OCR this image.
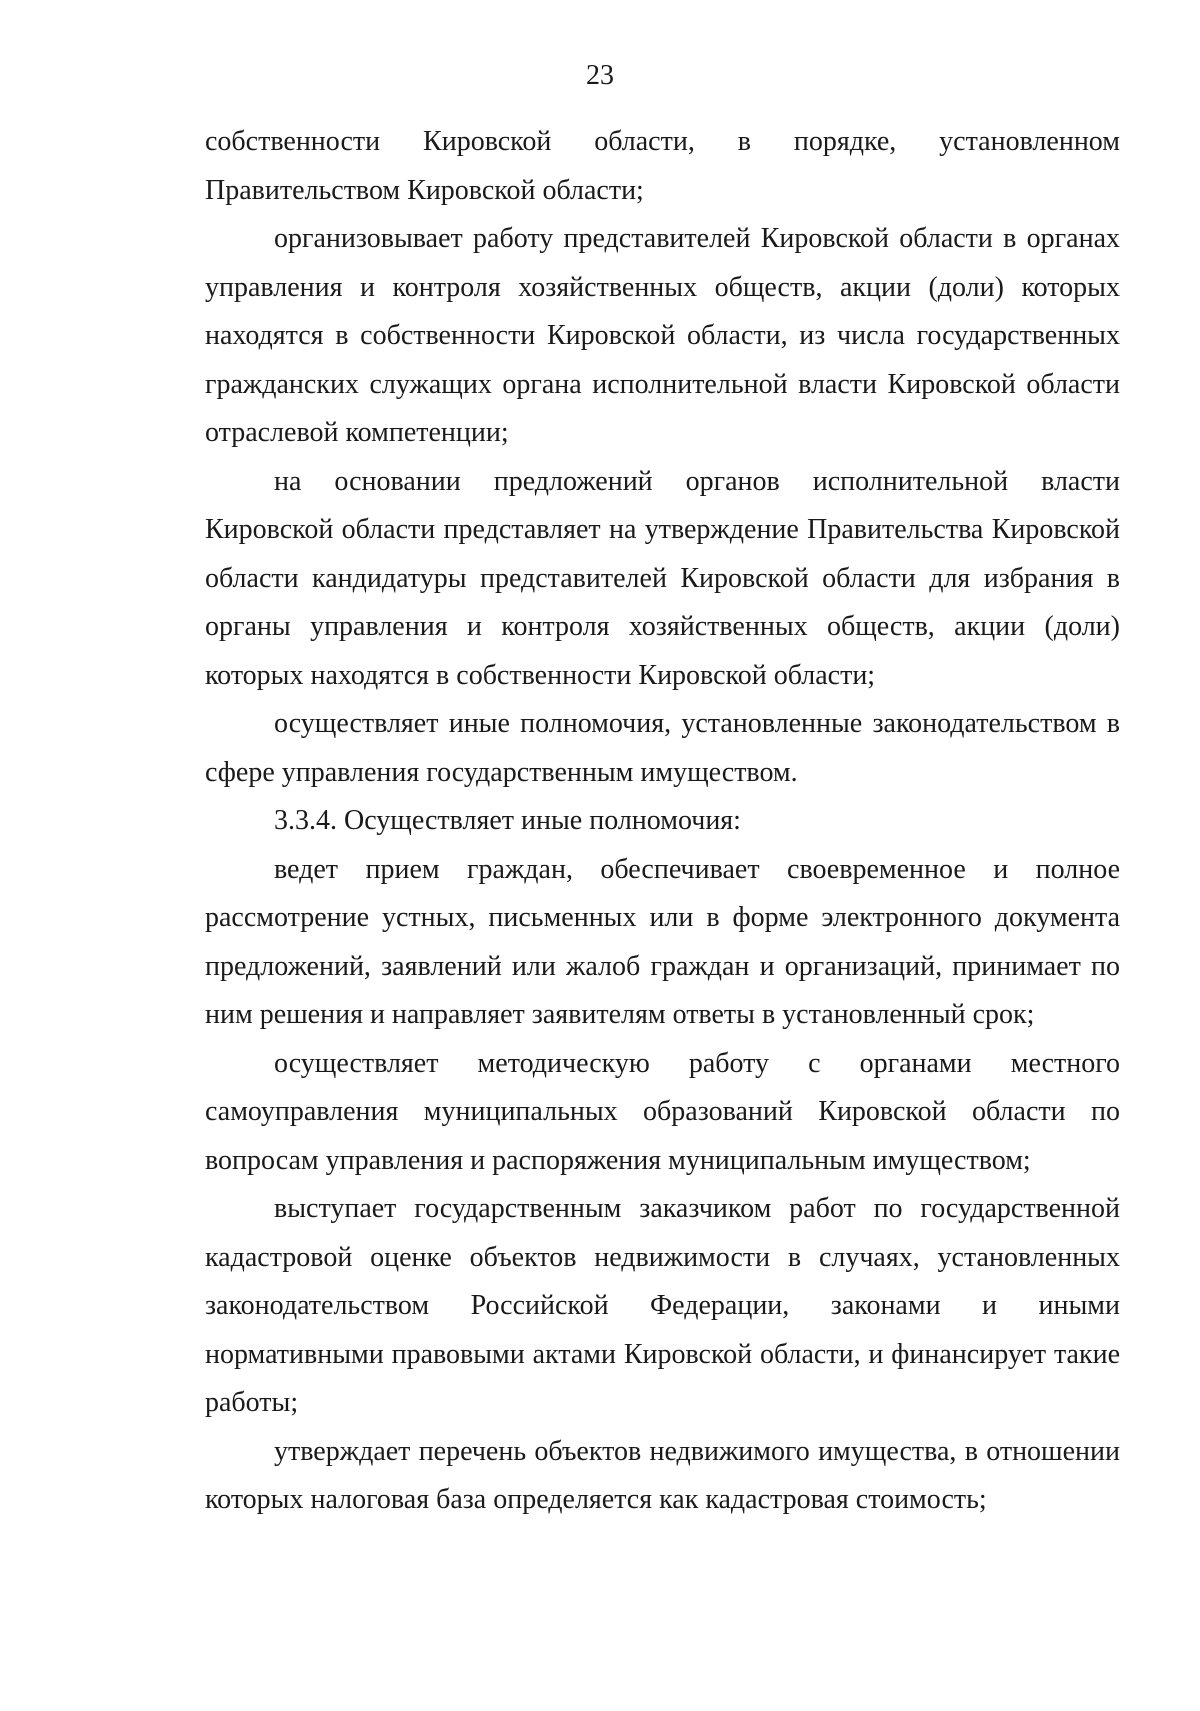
23

собственности Кировской области, в порядке, установленном Правительством Кировской области;

организовывает работу представителей Кировской области в органах управления и контроля хозяйственных обществ, акции (доли) которых находятся в собственности Кировской области, из числа государственных гражданских служащих органа исполнительной власти Кировской области отраслевой компетенции;

на основании предложений органов исполнительной власти Кировской области представляет на утверждение Правительства Кировской области кандидатуры представителей Кировской области для избрания в органы управления и контроля хозяйственных обществ, акции (доли) которых находятся в собственности Кировской области;

осуществляет иные полномочия, установленные законодательством в сфере управления государственным имуществом.

3.3.4. Осуществляет иные полномочия:

ведет прием граждан, обеспечивает своевременное и полное рассмотрение устных, письменных или в форме электронного документа предложений, заявлений или жалоб граждан и организаций, принимает по ним решения и направляет заявителям ответы в установленный срок;

осуществляет методическую работу с органами местного самоуправления муниципальных образований Кировской области по вопросам управления и распоряжения муниципальным имуществом;

выступает государственным заказчиком работ по государственной кадастровой оценке объектов недвижимости в случаях, установленных законодательством Российской Федерации, законами и иными нормативными правовыми актами Кировской области, и финансирует такие работы;

утверждает перечень объектов недвижимого имущества, в отношении которых налоговая база определяется как кадастровая стоимость;
